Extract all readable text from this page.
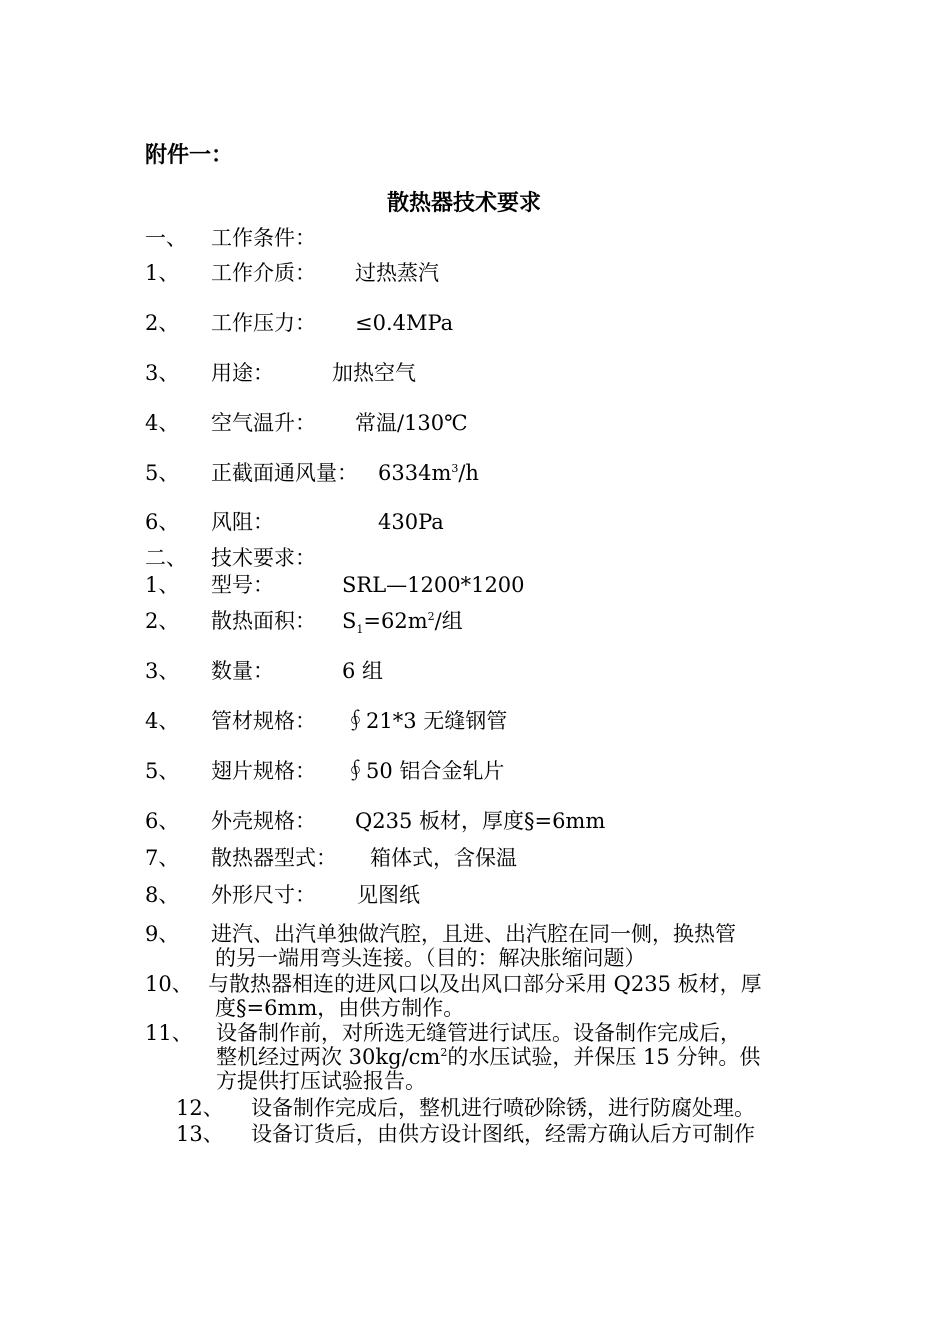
附件一：
散热器技术要求
一、 工作条件：
1、 工作介质： 过热蒸汽
2、 工作压力： ≤0.4MPa
3、 用途：	加热空气
4、 空气温升： 常温/130℃
5、 正截面通风量： $6334m^3/h$
6、 风阻：	430Pa
二、 技术要求：
1、 型号：	SRL—1200*1200
2、 散热面积： $S_1=62m^2/$组
3、 数量：	6 组
4、 管材规格： ∮21*3 无缝钢管
5、 翅片规格： ∮50 铝合金轧片
6、 外壳规格： Q235 板材，厚度§=6mm
7、 散热器型式： 箱体式，含保温
8、 外形尺寸： 见图纸
9、 进汽、出汽单独做汽腔，且进、出汽腔在同一侧，换热管
的另一端用弯头连接。（目的：解决胀缩问题）
10、 与散热器相连的进风口以及出风口部分采用 Q235 板材，厚
度§=6mm，由供方制作。
11、 设备制作前，对所选无缝管进行试压。设备制作完成后，
整机经过两次 $30kg/cm^2$的水压试验，并保压 15 分钟。供
方提供打压试验报告。
12、 设备制作完成后，整机进行喷砂除锈，进行防腐处理。
13、 设备订货后，由供方设计图纸，经需方确认后方可制作
